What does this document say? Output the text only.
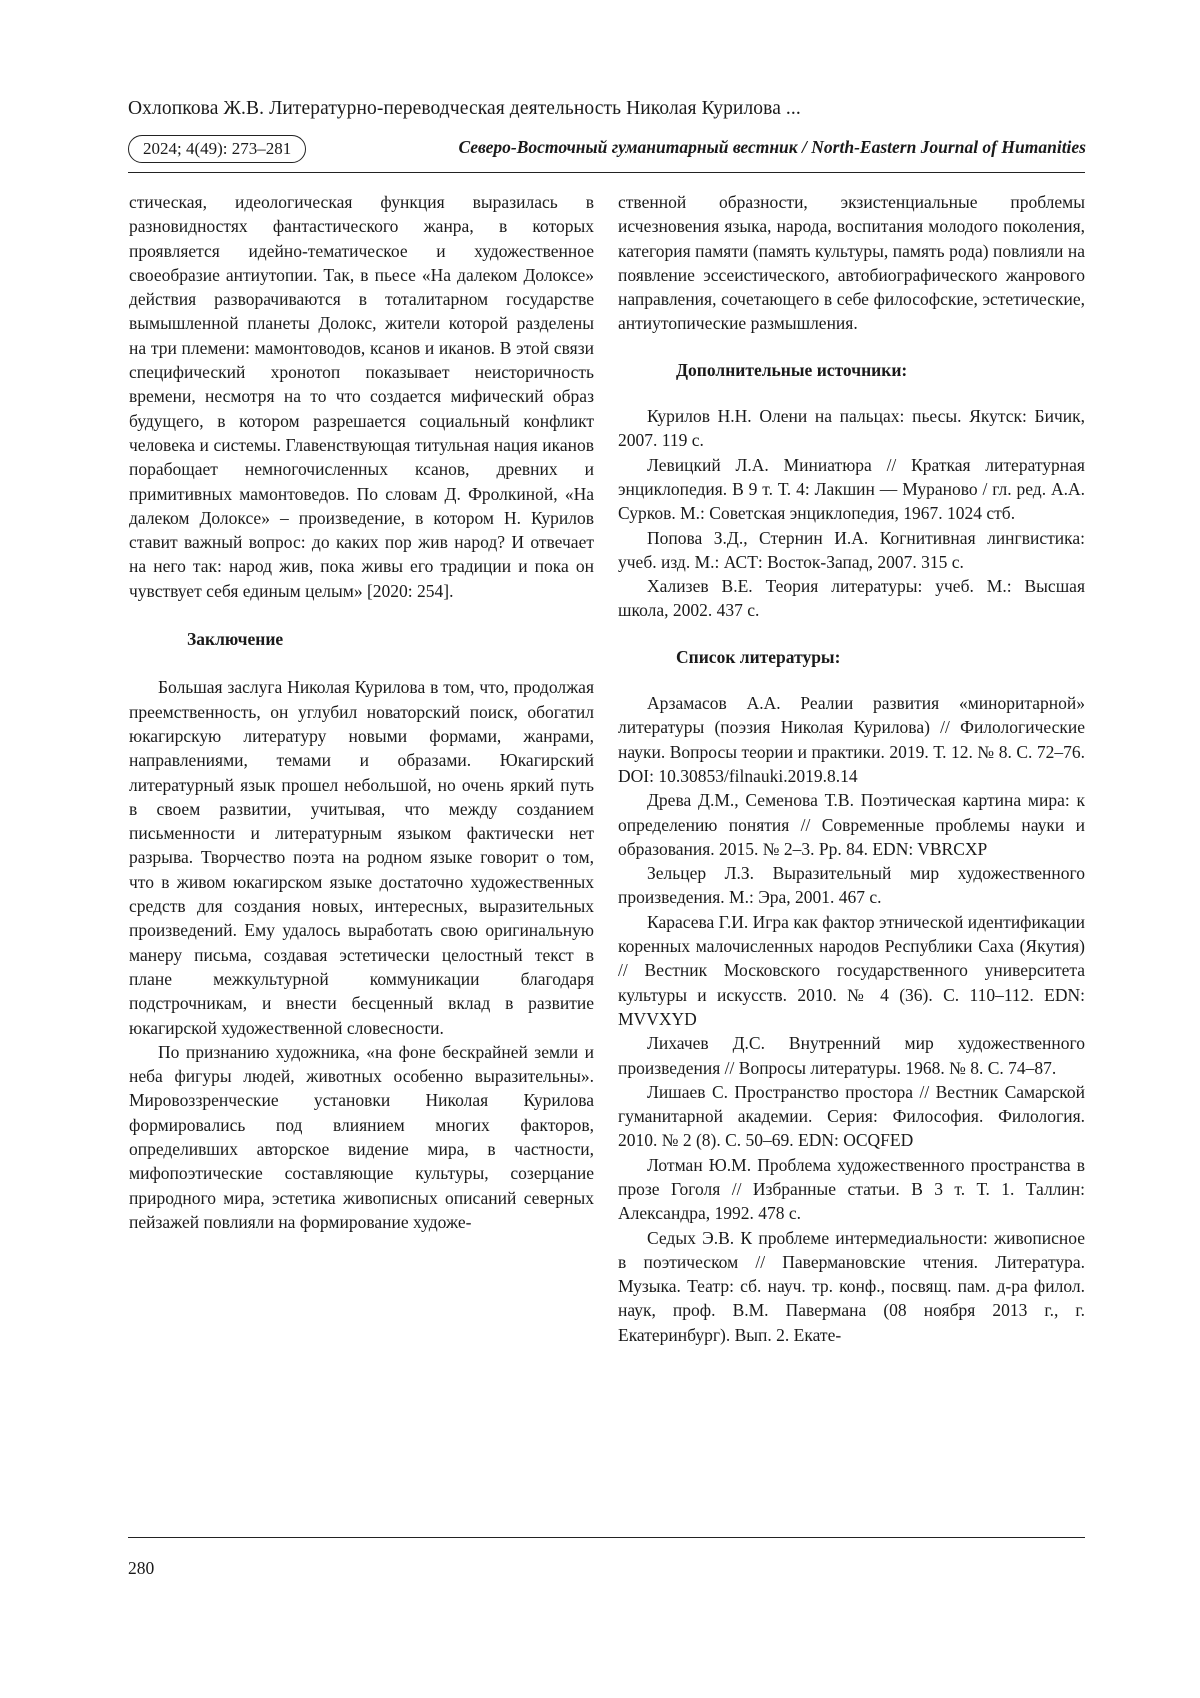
Охлопкова Ж.В. Литературно-переводческая деятельность Николая Курилова ...
2024; 4(49): 273–281	Северо-Восточный гуманитарный вестник / North-Eastern Journal of Humanities

стическая, идеологическая функция выразилась в разновидностях фантастического жанра, в которых проявляется идейно-тематическое и художественное своеобразие антиутопии. Так, в пьесе «На далеком Долоксе» действия разворачиваются в тоталитарном государстве вымышленной планеты Долокс, жители которой разделены на три племени: мамонтоводов, ксанов и иканов. В этой связи специфический хронотоп показывает неисторичность времени, несмотря на то что создается мифический образ будущего, в котором разрешается социальный конфликт человека и системы. Главенствующая титульная нация иканов порабощает немногочисленных ксанов, древних и примитивных мамонтоведов. По словам Д. Фролкиной, «На далеком Долоксе» – произведение, в котором Н. Курилов ставит важный вопрос: до каких пор жив народ? И отвечает на него так: народ жив, пока живы его традиции и пока он чувствует себя единым целым» [2020: 254].

Заключение

Большая заслуга Николая Курилова в том, что, продолжая преемственность, он углубил новаторский поиск, обогатил юкагирскую литературу новыми формами, жанрами, направлениями, темами и образами. Юкагирский литературный язык прошел небольшой, но очень яркий путь в своем развитии, учитывая, что между созданием письменности и литературным языком фактически нет разрыва. Творчество поэта на родном языке говорит о том, что в живом юкагирском языке достаточно художественных средств для создания новых, интересных, выразительных произведений. Ему удалось выработать свою оригинальную манеру письма, создавая эстетически целостный текст в плане межкультурной коммуникации благодаря подстрочникам, и внести бесценный вклад в развитие юкагирской художественной словесности.

По признанию художника, «на фоне бескрайней земли и неба фигуры людей, животных особенно выразительны». Мировоззренческие установки Николая Курилова формировались под влиянием многих факторов, определивших авторское видение мира, в частности, мифопоэтические составляющие культуры, созерцание природного мира, эстетика живописных описаний северных пейзажей повлияли на формирование художе-

ственной образности, экзистенциальные проблемы исчезновения языка, народа, воспитания молодого поколения, категория памяти (память культуры, память рода) повлияли на появление эссеистического, автобиографического жанрового направления, сочетающего в себе философские, эстетические, антиутопические размышления.

Дополнительные источники:

Курилов Н.Н. Олени на пальцах: пьесы. Якутск: Бичик, 2007. 119 с.

Левицкий Л.А. Миниатюра // Краткая литературная энциклопедия. В 9 т. Т. 4: Лакшин — Мураново / гл. ред. А.А. Сурков. М.: Советская энциклопедия, 1967. 1024 стб.

Попова З.Д., Стернин И.А. Когнитивная лингвистика: учеб. изд. М.: АСТ: Восток-Запад, 2007. 315 с.

Хализев В.Е. Теория литературы: учеб. М.: Высшая школа, 2002. 437 с.

Список литературы:

Арзамасов А.А. Реалии развития «миноритарной» литературы (поэзия Николая Курилова) // Филологические науки. Вопросы теории и практики. 2019. Т. 12. № 8. С. 72–76. DOI: 10.30853/filnauki.2019.8.14

Древа Д.М., Семенова Т.В. Поэтическая картина мира: к определению понятия // Современные проблемы науки и образования. 2015. № 2–3. Pp. 84. EDN: VBRCXP

Зельцер Л.З. Выразительный мир художественного произведения. М.: Эра, 2001. 467 с.

Карасева Г.И. Игра как фактор этнической идентификации коренных малочисленных народов Республики Саха (Якутия) // Вестник Московского государственного университета культуры и искусств. 2010. № 4 (36). С. 110–112. EDN: MVVXYD

Лихачев Д.С. Внутренний мир художественного произведения // Вопросы литературы. 1968. № 8. С. 74–87.

Лишаев С. Пространство простора // Вестник Самарской гуманитарной академии. Серия: Философия. Филология. 2010. № 2 (8). С. 50–69. EDN: OCQFED

Лотман Ю.М. Проблема художественного пространства в прозе Гоголя // Избранные статьи. В 3 т. Т. 1. Таллин: Александра, 1992. 478 с.

Седых Э.В. К проблеме интермедиальности: живописное в поэтическом // Павермановские чтения. Литература. Музыка. Театр: сб. науч. тр. конф., посвящ. пам. д-ра филол. наук, проф. В.М. Павермана (08 ноября 2013 г., г. Екатеринбург). Вып. 2. Екате-

280
